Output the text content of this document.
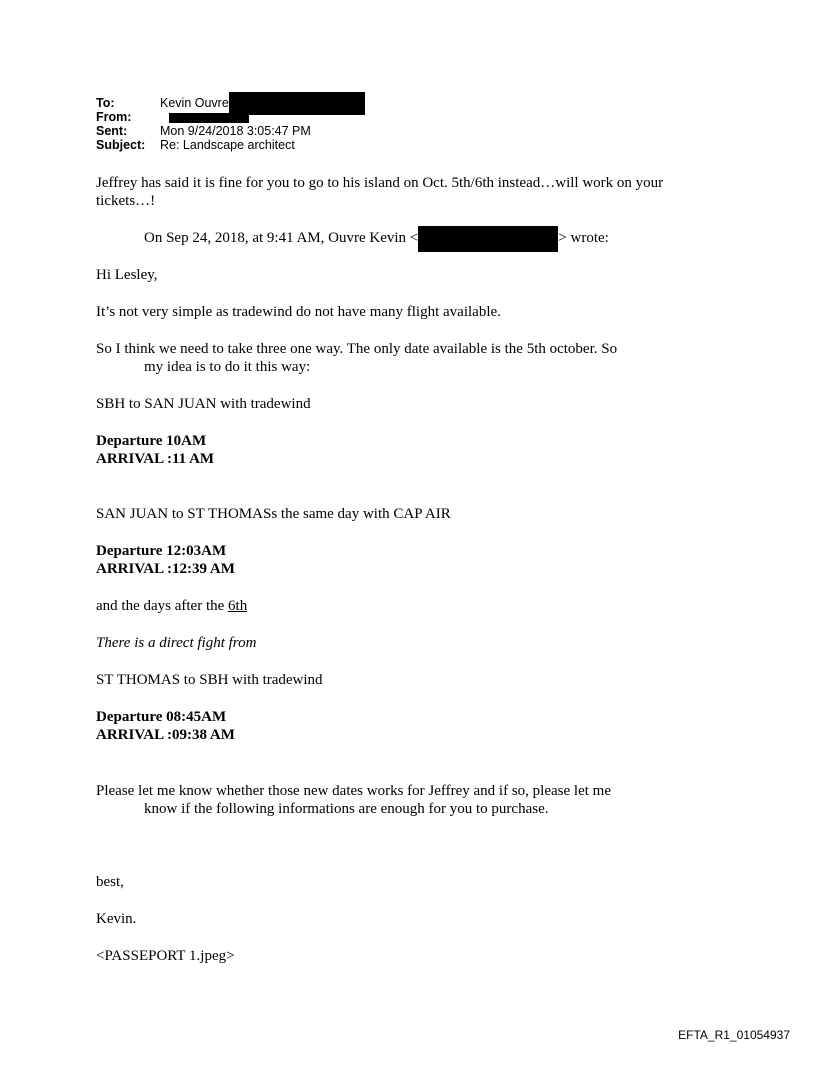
To:	Kevin Ouvre
From:
Sent:	Mon 9/24/2018 3:05:47 PM
Subject: Re: Landscape architect
Jeffrey has said it is fine for you to go to his island on Oct. 5th/6th instead…will work on your
tickets…!
On Sep 24, 2018, at 9:41 AM, Ouvre Kevin <	> wrote:
Hi Lesley,
It’s not very simple as tradewind do not have many flight available.
So I think we need to take three one way. The only date available is the 5th october. So
my idea is to do it this way:
SBH to SAN JUAN with tradewind
Departure 10AM
ARRIVAL :11 AM
SAN JUAN to ST THOMASs the same day with CAP AIR
Departure 12:03AM
ARRIVAL :12:39 AM
and the days after the 6th
There is a direct fight from
ST THOMAS to SBH with tradewind
Departure 08:45AM
ARRIVAL :09:38 AM
Please let me know whether those new dates works for Jeffrey and if so, please let me
know if the following informations are enough for you to purchase.
best,
Kevin.
<PASSEPORT 1.jpeg>
EFTA_R1_01054937
